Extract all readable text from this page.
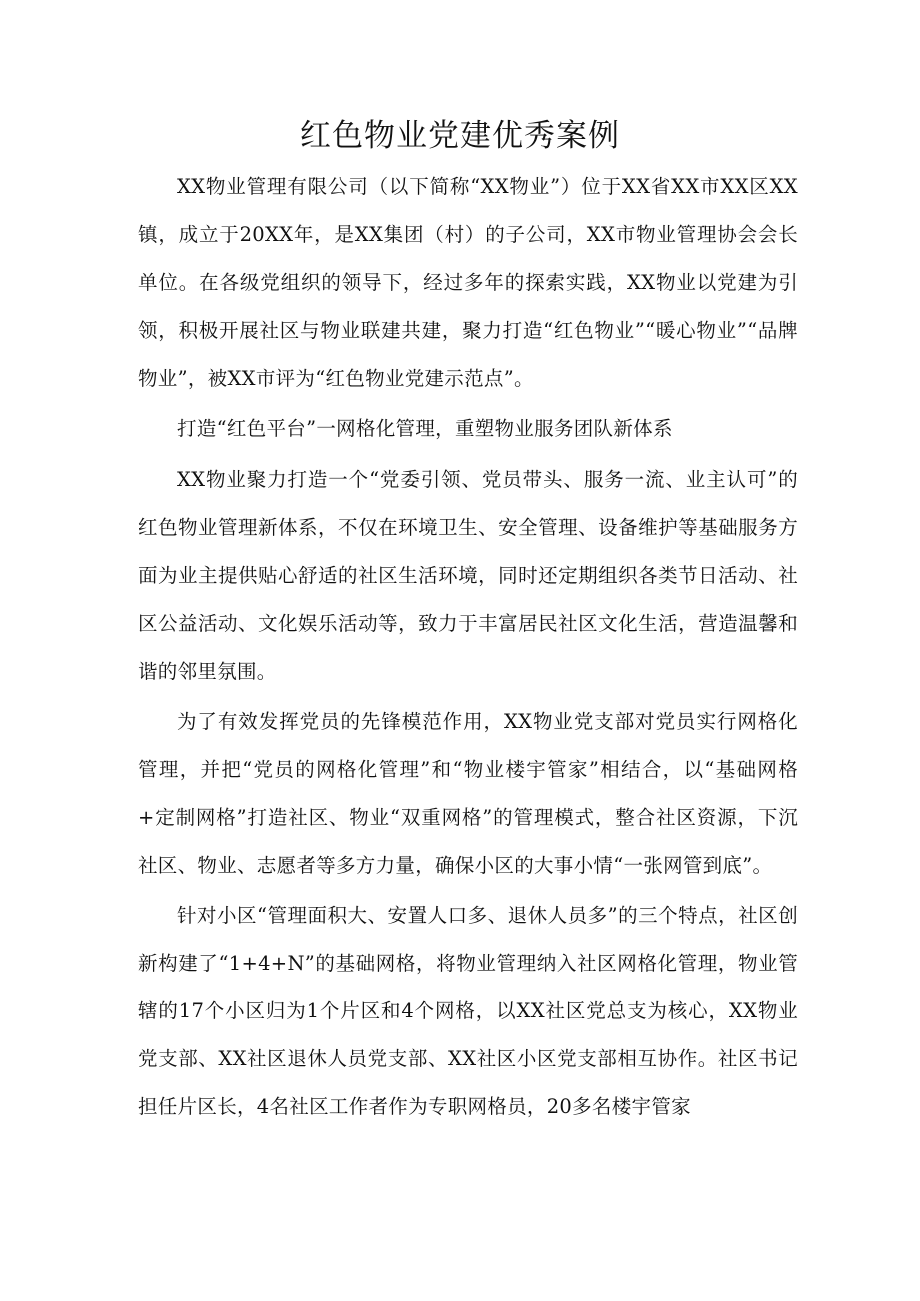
红色物业党建优秀案例

XX物业管理有限公司（以下简称“XX物业”）位于XX省XX市XX区XX镇，成立于20XX年，是XX集团（村）的子公司，XX市物业管理协会会长单位。在各级党组织的领导下，经过多年的探索实践，XX物业以党建为引领，积极开展社区与物业联建共建，聚力打造“红色物业”“暖心物业”“品牌物业”，被XX市评为“红色物业党建示范点”。

打造“红色平台”一网格化管理，重塑物业服务团队新体系

XX物业聚力打造一个“党委引领、党员带头、服务一流、业主认可”的红色物业管理新体系，不仅在环境卫生、安全管理、设备维护等基础服务方面为业主提供贴心舒适的社区生活环境，同时还定期组织各类节日活动、社区公益活动、文化娱乐活动等，致力于丰富居民社区文化生活，营造温馨和谐的邻里氛围。

为了有效发挥党员的先锋模范作用，XX物业党支部对党员实行网格化管理，并把“党员的网格化管理”和“物业楼宇管家”相结合，以“基础网格+定制网格”打造社区、物业“双重网格”的管理模式，整合社区资源，下沉社区、物业、志愿者等多方力量，确保小区的大事小情“一张网管到底”。

针对小区“管理面积大、安置人口多、退休人员多”的三个特点，社区创新构建了“1+4+N”的基础网格，将物业管理纳入社区网格化管理，物业管辖的17个小区归为1个片区和4个网格，以XX社区党总支为核心，XX物业党支部、XX社区退休人员党支部、XX社区小区党支部相互协作。社区书记担任片区长，4名社区工作者作为专职网格员，20多名楼宇管家
